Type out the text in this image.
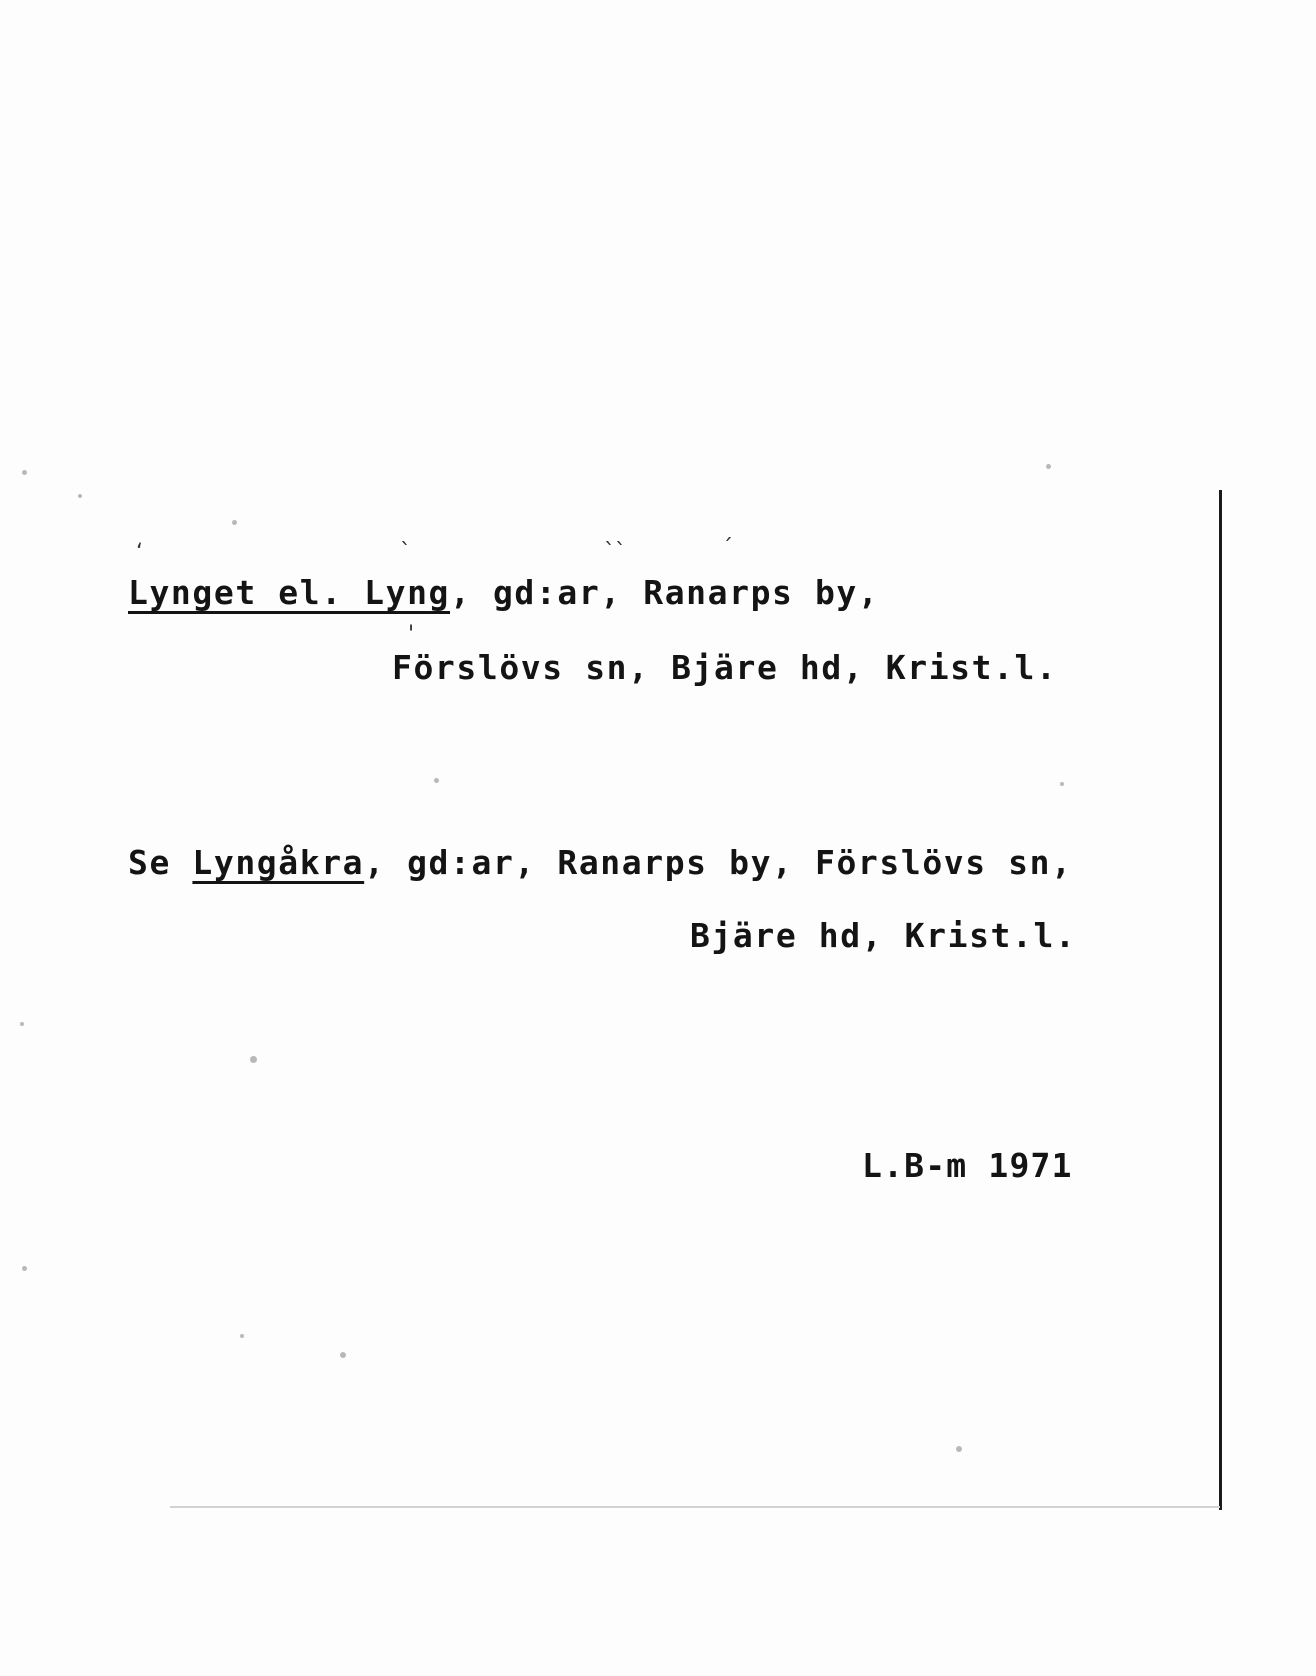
‘	`	``	´
'
Lynget el. Lyng, gd:ar, Ranarps by,
Förslövs sn, Bjäre hd, Krist.l.
Se Lyngåkra, gd:ar, Ranarps by, Förslövs sn,
Bjäre hd, Krist.l.
L.B-m 1971
